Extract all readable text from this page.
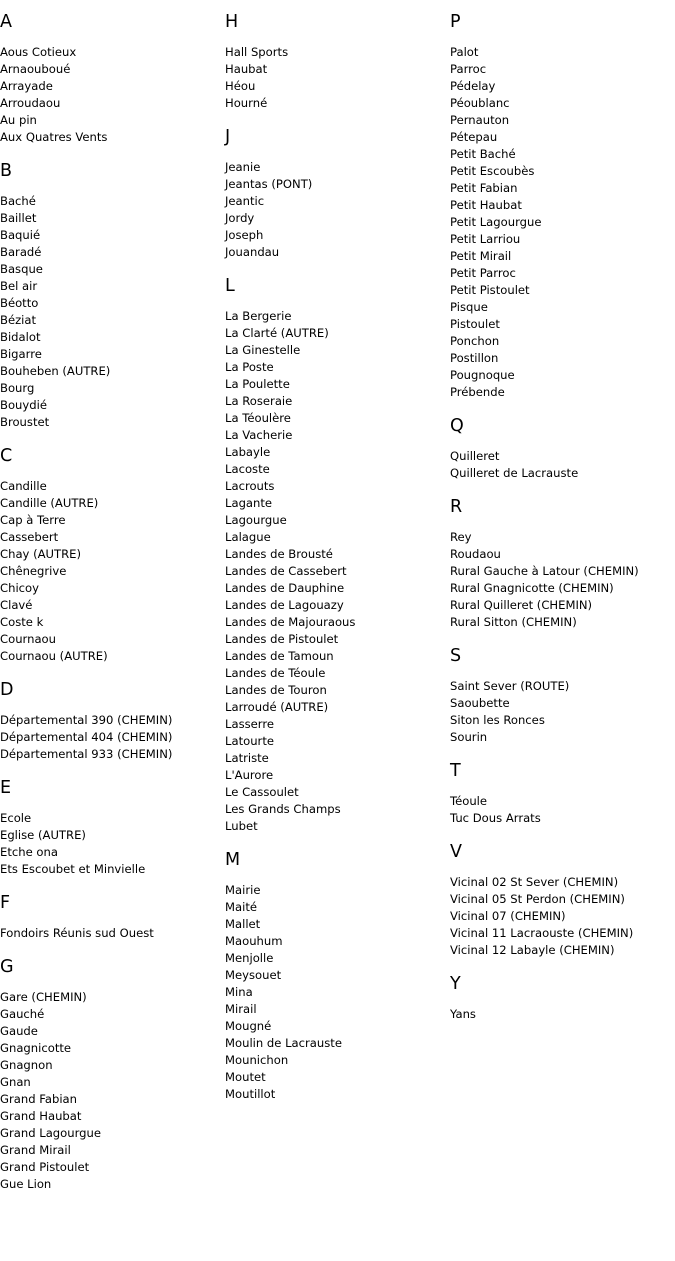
A
Aous Cotieux
Arnaouboué
Arrayade
Arroudaou
Au pin
Aux Quatres Vents
B
Baché
Baillet
Baquié
Baradé
Basque
Bel air
Béotto
Béziat
Bidalot
Bigarre
Bouheben (AUTRE)
Bourg
Bouydié
Broustet
C
Candille
Candille (AUTRE)
Cap à Terre
Cassebert
Chay (AUTRE)
Chênegrive
Chicoy
Clavé
Coste k
Cournaou
Cournaou (AUTRE)
D
Départemental 390 (CHEMIN)
Départemental 404 (CHEMIN)
Départemental 933 (CHEMIN)
E
Ecole
Eglise (AUTRE)
Etche ona
Ets Escoubet et Minvielle
F
Fondoirs Réunis sud Ouest
G
Gare (CHEMIN)
Gauché
Gaude
Gnagnicotte
Gnagnon
Gnan
Grand Fabian
Grand Haubat
Grand Lagourgue
Grand Mirail
Grand Pistoulet
Gue Lion
H
Hall Sports
Haubat
Héou
Hourné
J
Jeanie
Jeantas (PONT)
Jeantic
Jordy
Joseph
Jouandau
L
La Bergerie
La Clarté (AUTRE)
La Ginestelle
La Poste
La Poulette
La Roseraie
La Téoulère
La Vacherie
Labayle
Lacoste
Lacrouts
Lagante
Lagourgue
Lalague
Landes de Brousté
Landes de Cassebert
Landes de Dauphine
Landes de Lagouazy
Landes de Majouraous
Landes de Pistoulet
Landes de Tamoun
Landes de Téoule
Landes de Touron
Larroudé (AUTRE)
Lasserre
Latourte
Latriste
L'Aurore
Le Cassoulet
Les Grands Champs
Lubet
M
Mairie
Maité
Mallet
Maouhum
Menjolle
Meysouet
Mina
Mirail
Mougné
Moulin de Lacrauste
Mounichon
Moutet
Moutillot
P
Palot
Parroc
Pédelay
Péoublanc
Pernauton
Pétepau
Petit Baché
Petit Escoubès
Petit Fabian
Petit Haubat
Petit Lagourgue
Petit Larriou
Petit Mirail
Petit Parroc
Petit Pistoulet
Pisque
Pistoulet
Ponchon
Postillon
Pougnoque
Prébende
Q
Quilleret
Quilleret de Lacrauste
R
Rey
Roudaou
Rural Gauche à Latour (CHEMIN)
Rural Gnagnicotte (CHEMIN)
Rural Quilleret (CHEMIN)
Rural Sitton (CHEMIN)
S
Saint Sever (ROUTE)
Saoubette
Siton les Ronces
Sourin
T
Téoule
Tuc Dous Arrats
V
Vicinal 02 St Sever (CHEMIN)
Vicinal 05 St Perdon (CHEMIN)
Vicinal 07 (CHEMIN)
Vicinal 11 Lacraouste (CHEMIN)
Vicinal 12 Labayle (CHEMIN)
Y
Yans
